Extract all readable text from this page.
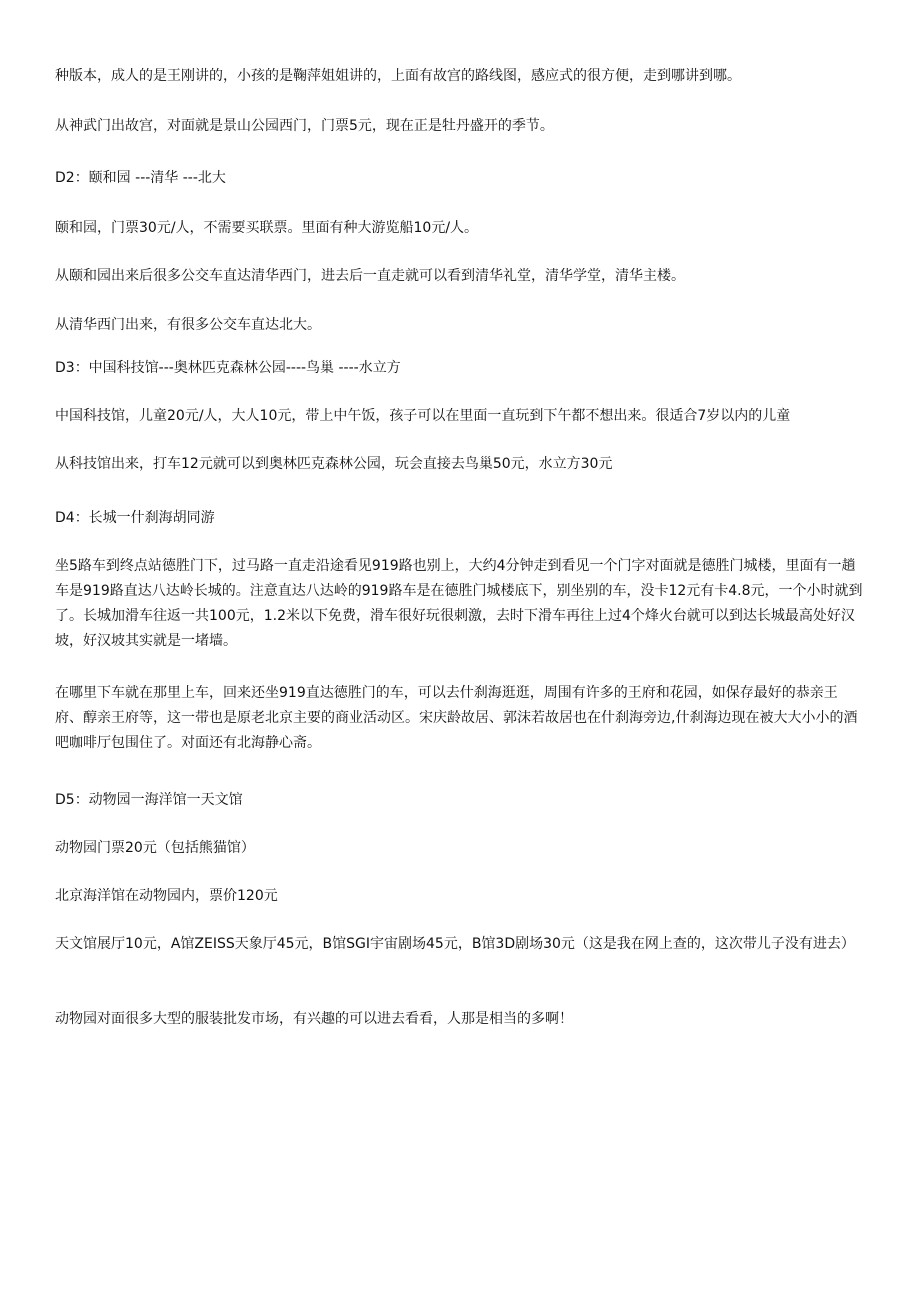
种版本，成人的是王刚讲的，小孩的是鞠萍姐姐讲的，上面有故宫的路线图，感应式的很方便，走到哪讲到哪。

从神武门出故宫，对面就是景山公园西门，门票5元，现在正是牡丹盛开的季节。

D2：颐和园 ---清华 ---北大

颐和园，门票30元/人，不需要买联票。里面有种大游览船10元/人。

从颐和园出来后很多公交车直达清华西门，进去后一直走就可以看到清华礼堂，清华学堂，清华主楼。

从清华西门出来，有很多公交车直达北大。

D3：中国科技馆---奥林匹克森林公园----鸟巢 ----水立方

中国科技馆，儿童20元/人，大人10元，带上中午饭，孩子可以在里面一直玩到下午都不想出来。很适合7岁以内的儿童

从科技馆出来，打车12元就可以到奥林匹克森林公园，玩会直接去鸟巢50元，水立方30元

D4：长城一什刹海胡同游

坐5路车到终点站德胜门下，过马路一直走沿途看见919路也别上，大约4分钟走到看见一个门字对面就是德胜门城楼，里面有一趟车是919路直达八达岭长城的。注意直达八达岭的919路车是在德胜门城楼底下，别坐别的车，没卡12元有卡4.8元，一个小时就到了。长城加滑车往返一共100元，1.2米以下免费，滑车很好玩很刺激，去时下滑车再往上过4个烽火台就可以到达长城最高处好汉坡，好汉坡其实就是一堵墙。

在哪里下车就在那里上车，回来还坐919直达德胜门的车，可以去什刹海逛逛，周围有许多的王府和花园，如保存最好的恭亲王府、醇亲王府等，这一带也是原老北京主要的商业活动区。宋庆龄故居、郭沫若故居也在什刹海旁边,什刹海边现在被大大小小的酒吧咖啡厅包围住了。对面还有北海静心斋。

D5：动物园一海洋馆一天文馆

动物园门票20元（包括熊猫馆）

北京海洋馆在动物园内，票价120元

天文馆展厅10元，A馆ZEISS天象厅45元，B馆SGI宇宙剧场45元，B馆3D剧场30元（这是我在网上查的，这次带儿子没有进去）

动物园对面很多大型的服装批发市场，有兴趣的可以进去看看，人那是相当的多啊！
